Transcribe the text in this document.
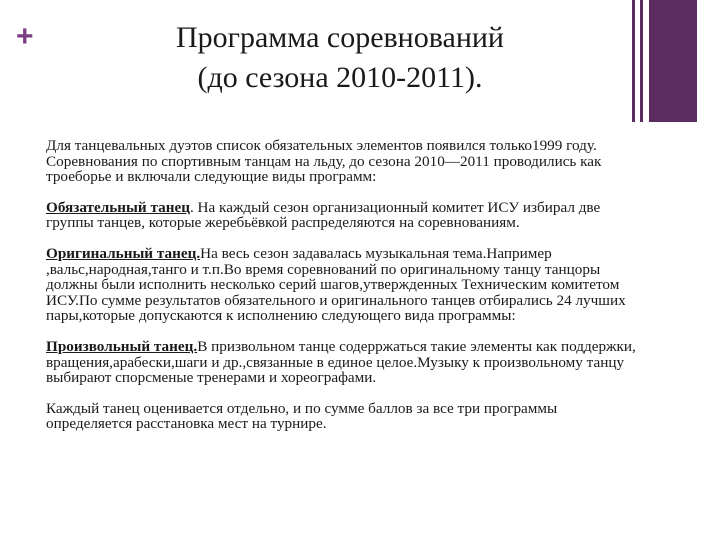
+	Программа соревнований
(до сезона 2010-2011).

Для танцевальных дуэтов список обязательных элементов появился только1999 году. Соревнования по спортивным танцам на льду, до сезона 2010—2011 проводились как троеборье и включали следующие виды программ:

Обязательный танец. На каждый сезон организационный комитет ИСУ избирал две группы танцев, которые жеребьёвкой распределяются на соревнованиям.

Оригинальный танец.На весь сезон задавалась музыкальная тема.Например ,вальс,народная,танго и т.п.Во время соревнований по оригинальному танцу танцоры должны были исполнить несколько серий шагов,утвержденных Техническим комитетом ИСУ.По сумме результатов обязательного и оригинального танцев отбирались 24 лучших пары,которые допускаются к исполнению следующего вида программы:

Произвольный танец.В призвольном танце содерржаться такие элементы как поддержки, вращения,арабески,шаги и др.,связанные в единое целое.Музыку к произвольному танцу выбирают спорсменые тренерами и хореографами.

Каждый танец оценивается отдельно, и по сумме баллов за все три программы определяется расстановка мест на турнире.
